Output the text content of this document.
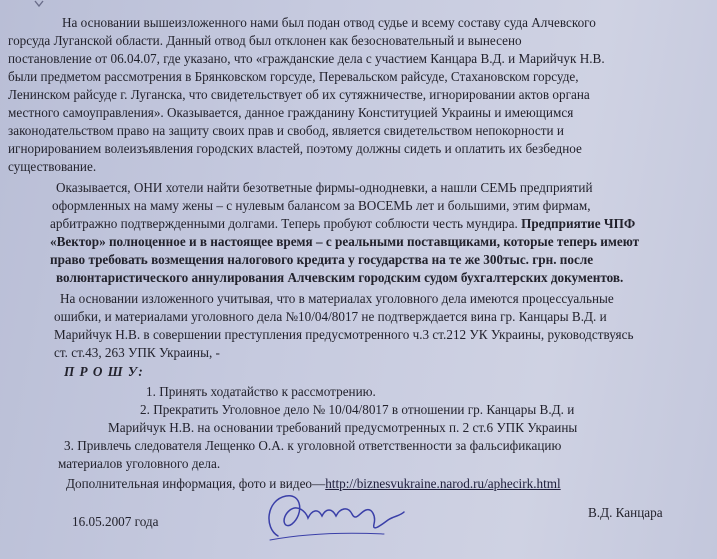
На основании вышеизложенного нами был подан отвод судье и всему составу суда Алчевского
горсуда Луганской области. Данный отвод был отклонен как безосновательный и вынесено
постановление от 06.04.07, где указано, что «гражданские дела с участием Канцара В.Д. и Марийчук Н.В.
были предметом рассмотрения в Брянковском горсуде, Перевальском райсуде, Стахановском горсуде,
Ленинском райсуде г. Луганска, что свидетельствует об их сутяжничестве, игнорировании актов органа
местного самоуправления». Оказывается, данное гражданину Конституцией Украины и имеющимся
законодательством право на защиту своих прав и свобод, является свидетельством непокорности и
игнорированием волеизъявления городских властей, поэтому должны сидеть и оплатить их безбедное
существование.
Оказывается, ОНИ хотели найти безответные фирмы-однодневки, а нашли СЕМЬ предприятий
оформленных на маму жены – с нулевым балансом за ВОСЕМЬ лет и большими, этим фирмам,
арбитражно подтвержденными долгами. Теперь пробуют соблюсти честь мундира. Предприятие ЧПФ
«Вектор» полноценное и в настоящее время – с реальными поставщиками, которые теперь имеют
право требовать возмещения налогового кредита у государства на те же 300тыс. грн. после
волюнтаристического аннулирования Алчевским городским судом бухгалтерских документов.
На основании изложенного учитывая, что в материалах уголовного дела имеются процессуальные
ошибки, и материалами уголовного дела №10/04/8017 не подтверждается вина гр. Канцары В.Д. и
Марийчук Н.В. в совершении преступления предусмотренного ч.3 ст.212 УК Украины, руководствуясь
ст. ст.43, 263 УПК Украины, -
П Р О Ш У:
1. Принять ходатайство к рассмотрению.
2. Прекратить Уголовное дело № 10/04/8017 в отношении гр. Канцары В.Д. и
Марийчук Н.В. на основании требований предусмотренных п. 2 ст.6 УПК Украины
3. Привлечь следователя Лещенко О.А. к уголовной ответственности за фальсификацию
материалов уголовного дела.
Дополнительная информация, фото и видео—http://biznesvukraine.narod.ru/aphecirk.html
16.05.2007 года
В.Д. Канцара
